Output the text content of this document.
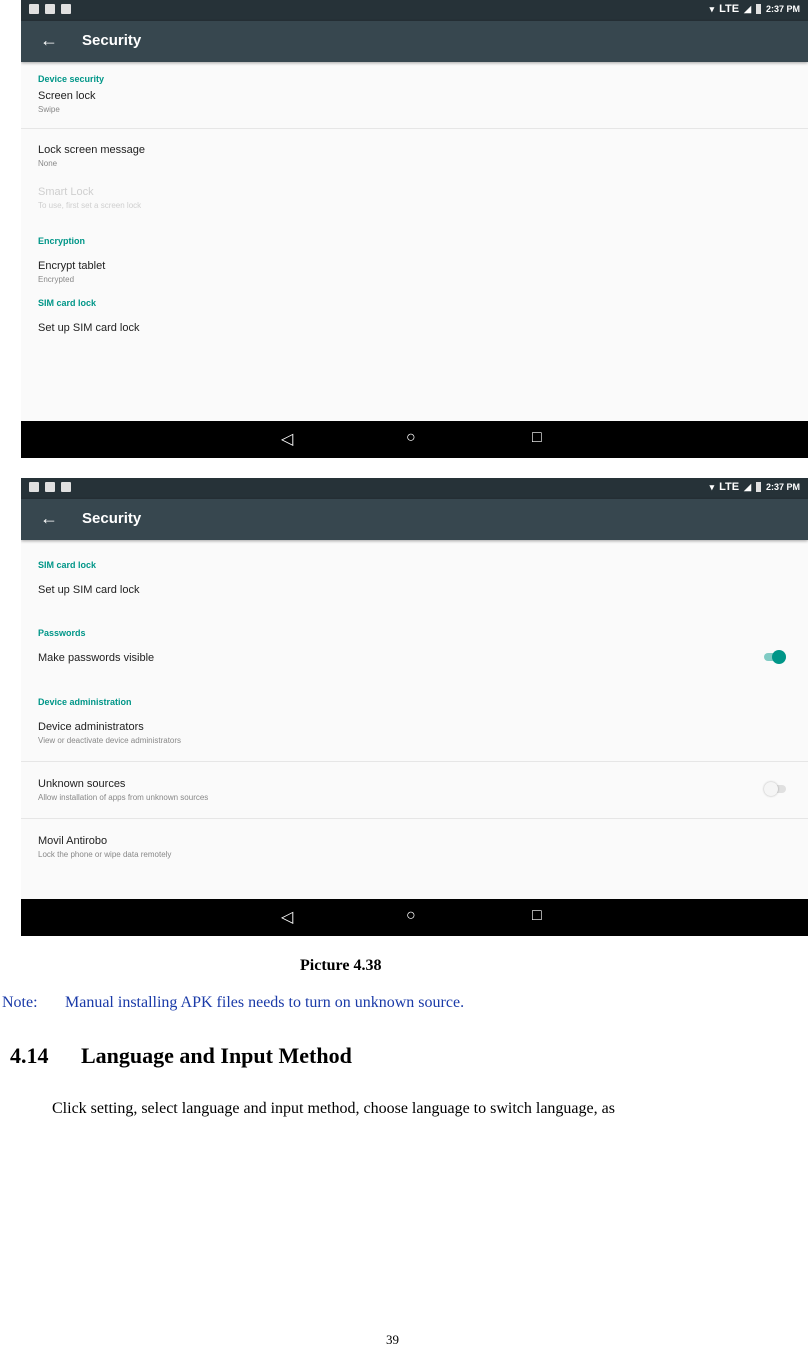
▾ LTE ◢ 2:37 PM
← Security
Device security
Screen lock
Swipe
Lock screen message
None
Smart Lock
To use, first set a screen lock
Encryption
Encrypt tablet
Encrypted
SIM card lock
Set up SIM card lock
◁	○	□
▾ LTE ◢ 2:37 PM
← Security
SIM card lock
Set up SIM card lock
Passwords
Make passwords visible
Device administration
Device administrators
View or deactivate device administrators
Unknown sources
Allow installation of apps from unknown sources
Movil Antirobo
Lock the phone or wipe data remotely
◁	○	□
Picture 4.38
Note: Manual installing APK files needs to turn on unknown source.
4.14 Language and Input Method
Click setting, select language and input method, choose language to switch language, as
39
